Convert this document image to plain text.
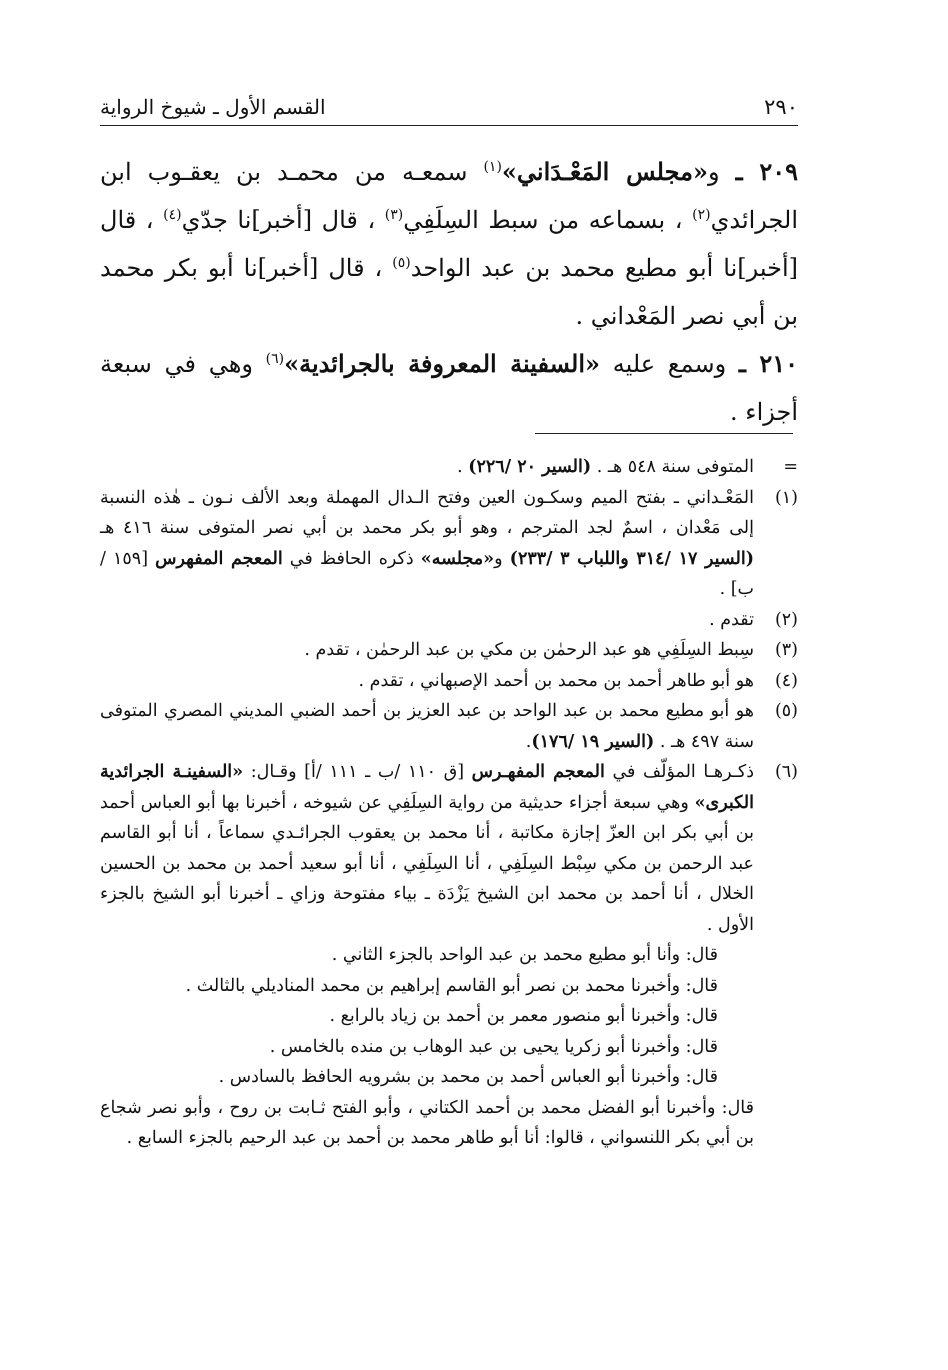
٢٩٠
القسم الأول ـ شيوخ الرواية

٢٠٩ ـ و«مجلس المَعْـدَاني»$^{(١)}$ سمعـه من محمـد بن يعقـوب ابن الجرائدي$^{(٢)}$ ، بسماعه من سبط السِلَفِي$^{(٣)}$ ، قال [أخبر]نا جدّي$^{(٤)}$ ، قال [أخبر]نا أبو مطيع محمد بن عبد الواحد$^{(٥)}$ ، قال [أخبر]نا أبو بكر محمد بن أبي نصر المَعْداني .

٢١٠ ـ وسمع عليه «السفينة المعروفة بالجرائدية»$^{(٦)}$ وهي في سبعة أجزاء .

=
المتوفى سنة ٥٤٨ هـ . (السير ٢٠ /٢٢٦) .
(١)
المَعْـداني ـ بفتح الميم وسكـون العين وفتح الـدال المهملة وبعد الألف نـون ـ هٰذه النسبة إلى مَعْدان ، اسمٌ لجد المترجم ، وهو أبو بكر محمد بن أبي نصر المتوفى سنة ٤١٦ هـ (السير ١٧ /٣١٤ واللباب ٣ /٢٣٣) و«مجلسه» ذكره الحافظ في المعجم المفهرس [١٥٩ /ب] .
(٢)
تقدم .
(٣)
سِبط السِلَفِي هو عبد الرحمٰن بن مكي بن عبد الرحمٰن ، تقدم .
(٤)
هو أبو طاهر أحمد بن محمد بن أحمد الإصبهاني ، تقدم .
(٥)
هو أبو مطيع محمد بن عبد الواحد بن عبد العزيز بن أحمد الضبي المديني المصري المتوفى سنة ٤٩٧ هـ . (السير ١٩ /١٧٦).
(٦)
ذكـرهـا المؤلّف في المعجم المفهـرس [ق ١١٠ /ب ـ ١١١ /أ] وقـال: «السفينـة الجرائدية الكبرى» وهي سبعة أجزاء حديثية من رواية السِلَفِي عن شيوخه ، أخبرنا بها أبو العباس أحمد بن أبي بكر ابن العزّ إجازة مكاتبة ، أنا محمد بن يعقوب الجرائـدي سماعاً ، أنا أبو القاسم عبد الرحمن بن مكي سِبْط السِلَفِي ، أنا السِلَفِي ، أنا أبو سعيد أحمد بن محمد بن الحسين الخلال ، أنا أحمد بن محمد ابن الشيخ يَزْدَة ـ بياء مفتوحة وزاي ـ أخبرنا أبو الشيخ بالجزء الأول .
قال: وأنا أبو مطيع محمد بن عبد الواحد بالجزء الثاني .
قال: وأخبرنا محمد بن نصر أبو القاسم إبراهيم بن محمد المناديلي بالثالث .
قال: وأخبرنا أبو منصور معمر بن أحمد بن زياد بالرابع .
قال: وأخبرنا أبو زكريا يحيى بن عبد الوهاب بن منده بالخامس .
قال: وأخبرنا أبو العباس أحمد بن محمد بن بشرويه الحافظ بالسادس .
قال: وأخبرنا أبو الفضل محمد بن أحمد الكتاني ، وأبو الفتح ثـابت بن روح ، وأبو نصر شجاع بن أبي بكر اللنسواني ، قالوا: أنا أبو طاهر محمد بن أحمد بن عبد الرحيم بالجزء السابع .
